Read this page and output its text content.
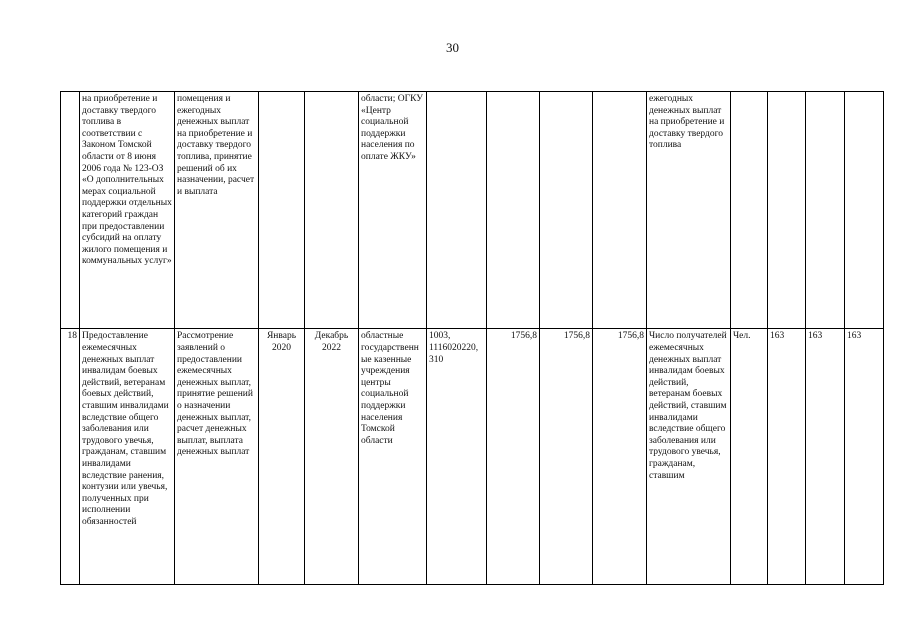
30
	на приобретение и доставку твердого топлива в соответствии с Законом Томской области от 8 июня 2006 года № 123-ОЗ «О дополнительных мерах социальной поддержки отдельных категорий граждан при предоставлении субсидий на оплату жилого помещения и коммунальных услуг»	помещения и ежегодных денежных выплат на приобретение и доставку твердого топлива, принятие решений об их назначении, расчет и выплата			области; ОГКУ «Центр социальной поддержки населения по оплате ЖКУ»					ежегодных денежных выплат на приобретение и доставку твердого топлива				
18	Предоставление ежемесячных денежных выплат инвалидам боевых действий, ветеранам боевых действий, ставшим инвалидами вследствие общего заболевания или трудового увечья, гражданам, ставшим инвалидами вследствие ранения, контузии или увечья, полученных при исполнении обязанностей	Рассмотрение заявлений о предоставлении ежемесячных денежных выплат, принятие решений о назначении денежных выплат, расчет денежных выплат, выплата денежных выплат	Январь 2020	Декабрь 2022	областные государственные казенные учреждения центры социальной поддержки населения Томской области	1003, 1116020220, 310	1756,8	1756,8	1756,8	Число получателей ежемесячных денежных выплат инвалидам боевых действий, ветеранам боевых действий, ставшим инвалидами вследствие общего заболевания или трудового увечья, гражданам, ставшим	Чел.	163	163	163
